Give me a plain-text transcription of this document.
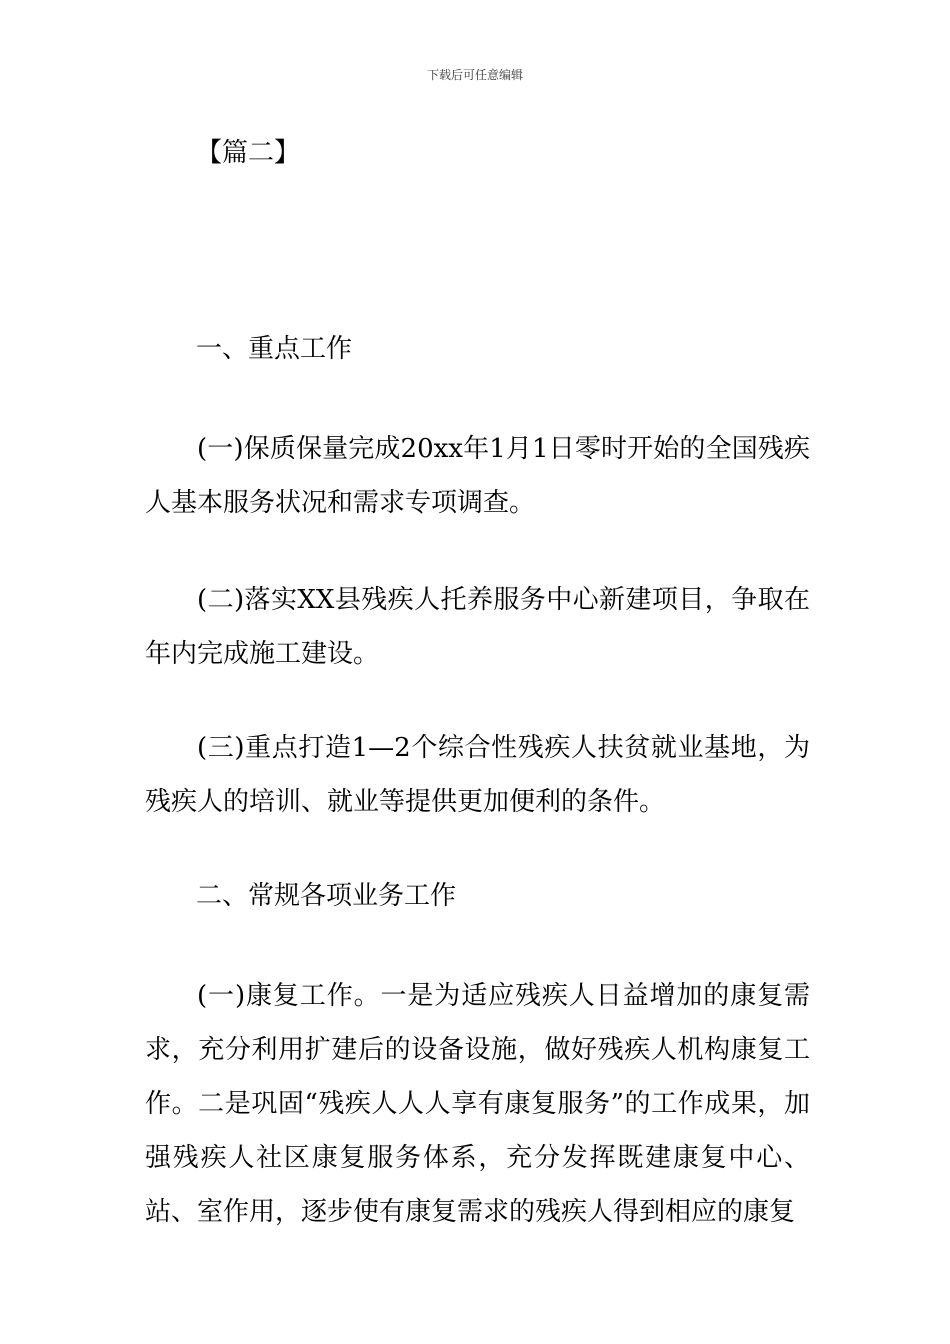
下载后可任意编辑
【篇二】
一、重点工作
(一)保质保量完成20xx年1月1日零时开始的全国残疾人基本服务状况和需求专项调查。
(二)落实XX县残疾人托养服务中心新建项目，争取在年内完成施工建设。
(三)重点打造1—2个综合性残疾人扶贫就业基地，为残疾人的培训、就业等提供更加便利的条件。
二、常规各项业务工作
(一)康复工作。一是为适应残疾人日益增加的康复需求，充分利用扩建后的设备设施，做好残疾人机构康复工作。二是巩固“残疾人人人享有康复服务”的工作成果，加强残疾人社区康复服务体系，充分发挥既建康复中心、站、室作用，逐步使有康复需求的残疾人得到相应的康复
